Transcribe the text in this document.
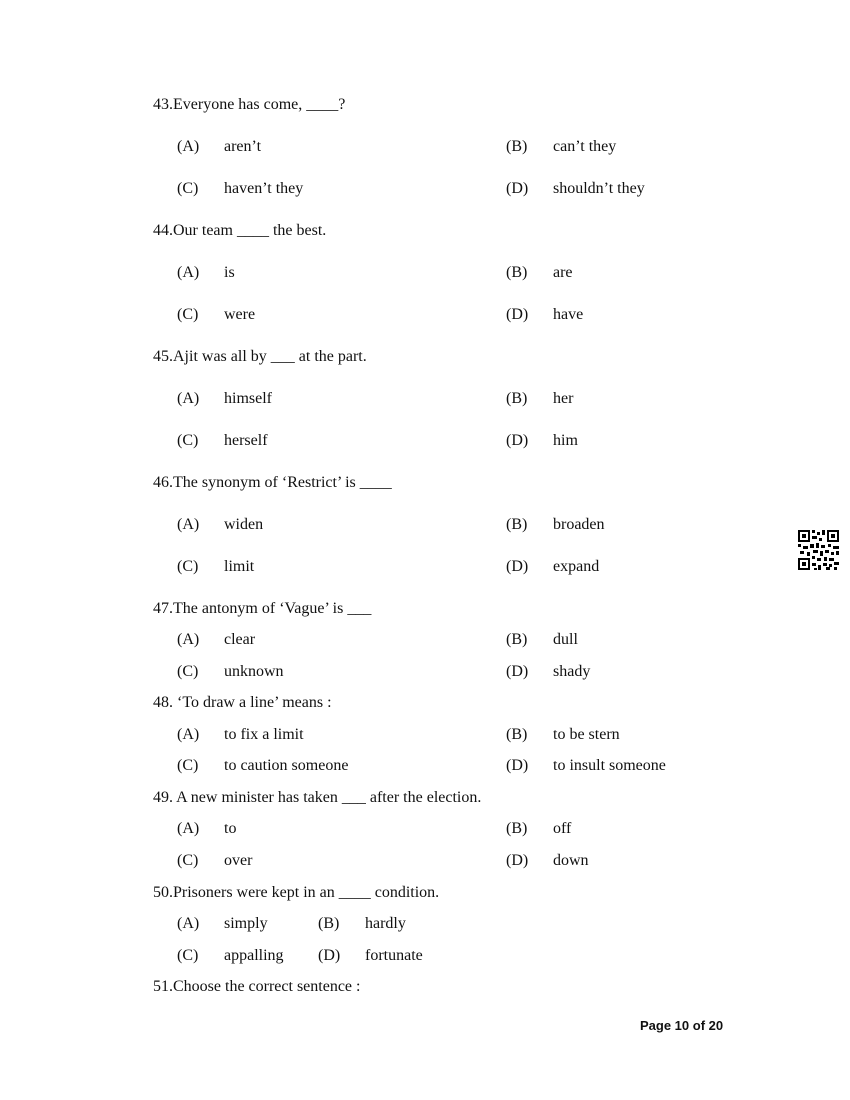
43.Everyone has come, ____?
(A) aren’t	(B) can’t they
(C) haven’t they	(D) shouldn’t they
44.Our team ____ the best.
(A) is	(B) are
(C) were	(D) have
45.Ajit was all by ___ at the part.
(A) himself	(B) her
(C) herself	(D) him
46.The synonym of ‘Restrict’ is ____
(A) widen	(B) broaden
(C) limit	(D) expand
47.The antonym of ‘Vague’ is ___
(A) clear	(B) dull
(C) unknown	(D) shady
48. ‘To draw a line’ means :
(A) to fix a limit	(B) to be stern
(C) to caution someone	(D) to insult someone
49. A new minister has taken ___ after the election.
(A) to	(B) off
(C) over	(D) down
50.Prisoners were kept in an ____ condition.
(A) simply	(B) hardly
(C) appalling (D) fortunate
51.Choose the correct sentence :
Page 10 of 20
